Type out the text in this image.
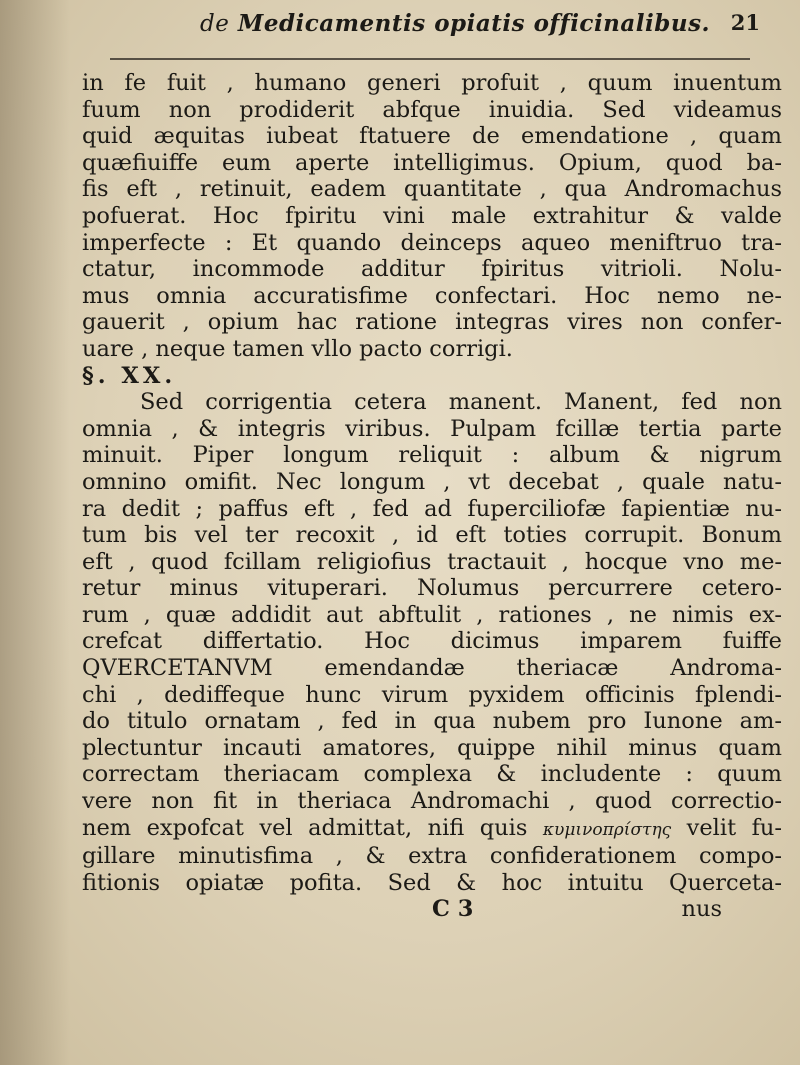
de Medicamentis opiatis officinalibus. 21
in fe fuit , humano generi profuit , quum inuentum
fuum non prodiderit abfque inuidia. Sed videamus
quid æquitas iubeat ftatuere de emendatione , quam
quæfiuiffe eum aperte intelligimus. Opium, quod ba-
fis eft , retinuit, eadem quantitate , qua Andromachus
pofuerat. Hoc fpiritu vini male extrahitur & valde
imperfecte : Et quando deinceps aqueo meniftruo tra-
ctatur, incommode additur fpiritus vitrioli. Nolu-
mus omnia accuratisfime confectari. Hoc nemo ne-
gauerit , opium hac ratione integras vires non confer-
uare , neque tamen vllo pacto corrigi.
§. XX.
Sed corrigentia cetera manent. Manent, fed non
omnia , & integris viribus. Pulpam fcillæ tertia parte
minuit. Piper longum reliquit : album & nigrum
omnino omifit. Nec longum , vt decebat , quale natu-
ra dedit ; paffus eft , fed ad fuperciliofæ fapientiæ nu-
tum bis vel ter recoxit , id eft toties corrupit. Bonum
eft , quod fcillam religiofius tractauit , hocque vno me-
retur minus vituperari. Nolumus percurrere cetero-
rum , quæ addidit aut abftulit , rationes , ne nimis ex-
crefcat differtatio. Hoc dicimus imparem fuiffe
QVERCETANVM emendandæ theriacæ Androma-
chi , dediffeque hunc virum pyxidem officinis fplendi-
do titulo ornatam , fed in qua nubem pro Iunone am-
plectuntur incauti amatores, quippe nihil minus quam
correctam theriacam complexa & includente : quum
vere non fit in theriaca Andromachi , quod correctio-
nem expofcat vel admittat, nifi quis κυμινοπρίστης velit fu-
gillare minutisfima , & extra confiderationem compo-
fitionis opiatæ pofita. Sed & hoc intuitu Querceta-
C 3	nus
